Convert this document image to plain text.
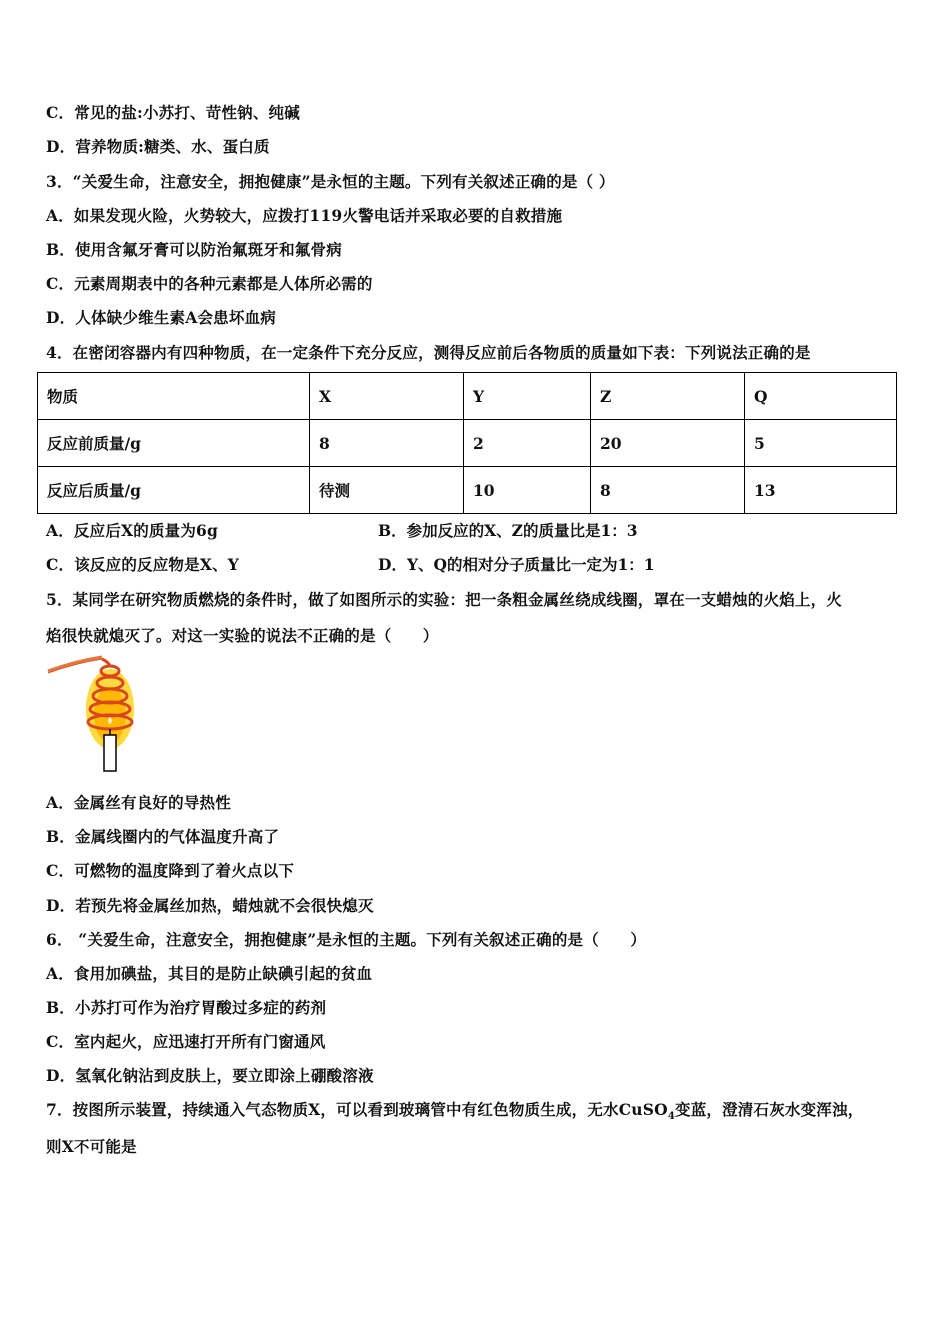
C．常见的盐:小苏打、苛性钠、纯碱
D．营养物质:糖类、水、蛋白质
3．“关爱生命，注意安全，拥抱健康”是永恒的主题。下列有关叙述正确的是（ ）
A．如果发现火险，火势较大，应拨打119火警电话并采取必要的自救措施
B．使用含氟牙膏可以防治氟斑牙和氟骨病
C．元素周期表中的各种元素都是人体所必需的
D．人体缺少维生素A会患坏血病
4．在密闭容器内有四种物质，在一定条件下充分反应，测得反应前后各物质的质量如下表：下列说法正确的是
物质	X	Y	Z	Q
反应前质量/g	8	2	20	5
反应后质量/g	待测	10	8	13
A．反应后X的质量为6g	B．参加反应的X、Z的质量比是1：3
C．该反应的反应物是X、Y	D．Y、Q的相对分子质量比一定为1：1
5．某同学在研究物质燃烧的条件时，做了如图所示的实验：把一条粗金属丝绕成线圈，罩在一支蜡烛的火焰上，火
焰很快就熄灭了。对这一实验的说法不正确的是（　　）
A．金属丝有良好的导热性
B．金属线圈内的气体温度升高了
C．可燃物的温度降到了着火点以下
D．若预先将金属丝加热，蜡烛就不会很快熄灭
6． “关爱生命，注意安全，拥抱健康”是永恒的主题。下列有关叙述正确的是（　　）
A．食用加碘盐，其目的是防止缺碘引起的贫血
B．小苏打可作为治疗胃酸过多症的药剂
C．室内起火，应迅速打开所有门窗通风
D．氢氧化钠沾到皮肤上，要立即涂上硼酸溶液
7．按图所示装置，持续通入气态物质X，可以看到玻璃管中有红色物质生成，无水CuSO$_4$变蓝，澄清石灰水变浑浊，
则X不可能是
